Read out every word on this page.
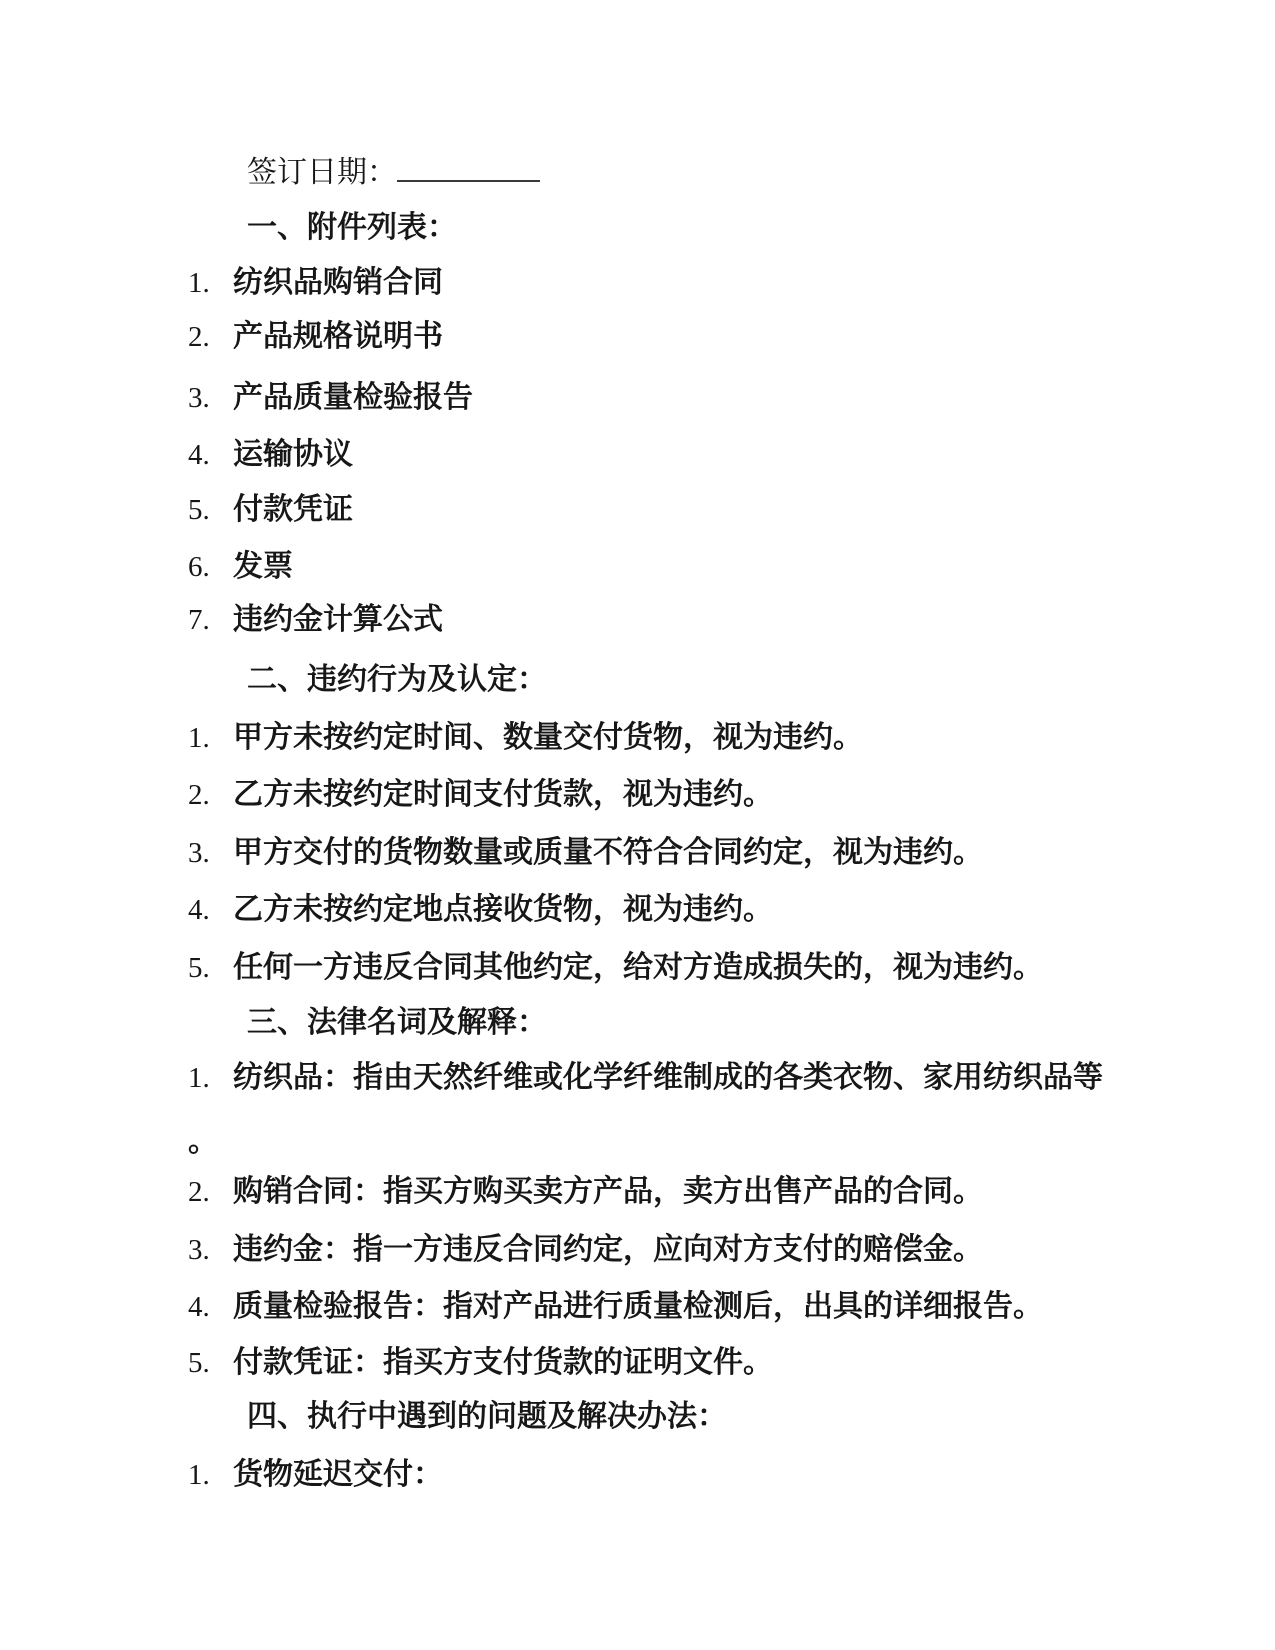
签订日期：
一、附件列表：
1. 纺织品购销合同
2. 产品规格说明书
3. 产品质量检验报告
4. 运输协议
5. 付款凭证
6. 发票
7. 违约金计算公式
二、违约行为及认定：
1. 甲方未按约定时间、数量交付货物，视为违约。
2. 乙方未按约定时间支付货款，视为违约。
3. 甲方交付的货物数量或质量不符合合同约定，视为违约。
4. 乙方未按约定地点接收货物，视为违约。
5. 任何一方违反合同其他约定，给对方造成损失的，视为违约。
三、法律名词及解释：
1. 纺织品：指由天然纤维或化学纤维制成的各类衣物、家用纺织品等
。
2. 购销合同：指买方购买卖方产品，卖方出售产品的合同。
3. 违约金：指一方违反合同约定，应向对方支付的赔偿金。
4. 质量检验报告：指对产品进行质量检测后，出具的详细报告。
5. 付款凭证：指买方支付货款的证明文件。
四、执行中遇到的问题及解决办法：
1. 货物延迟交付：
